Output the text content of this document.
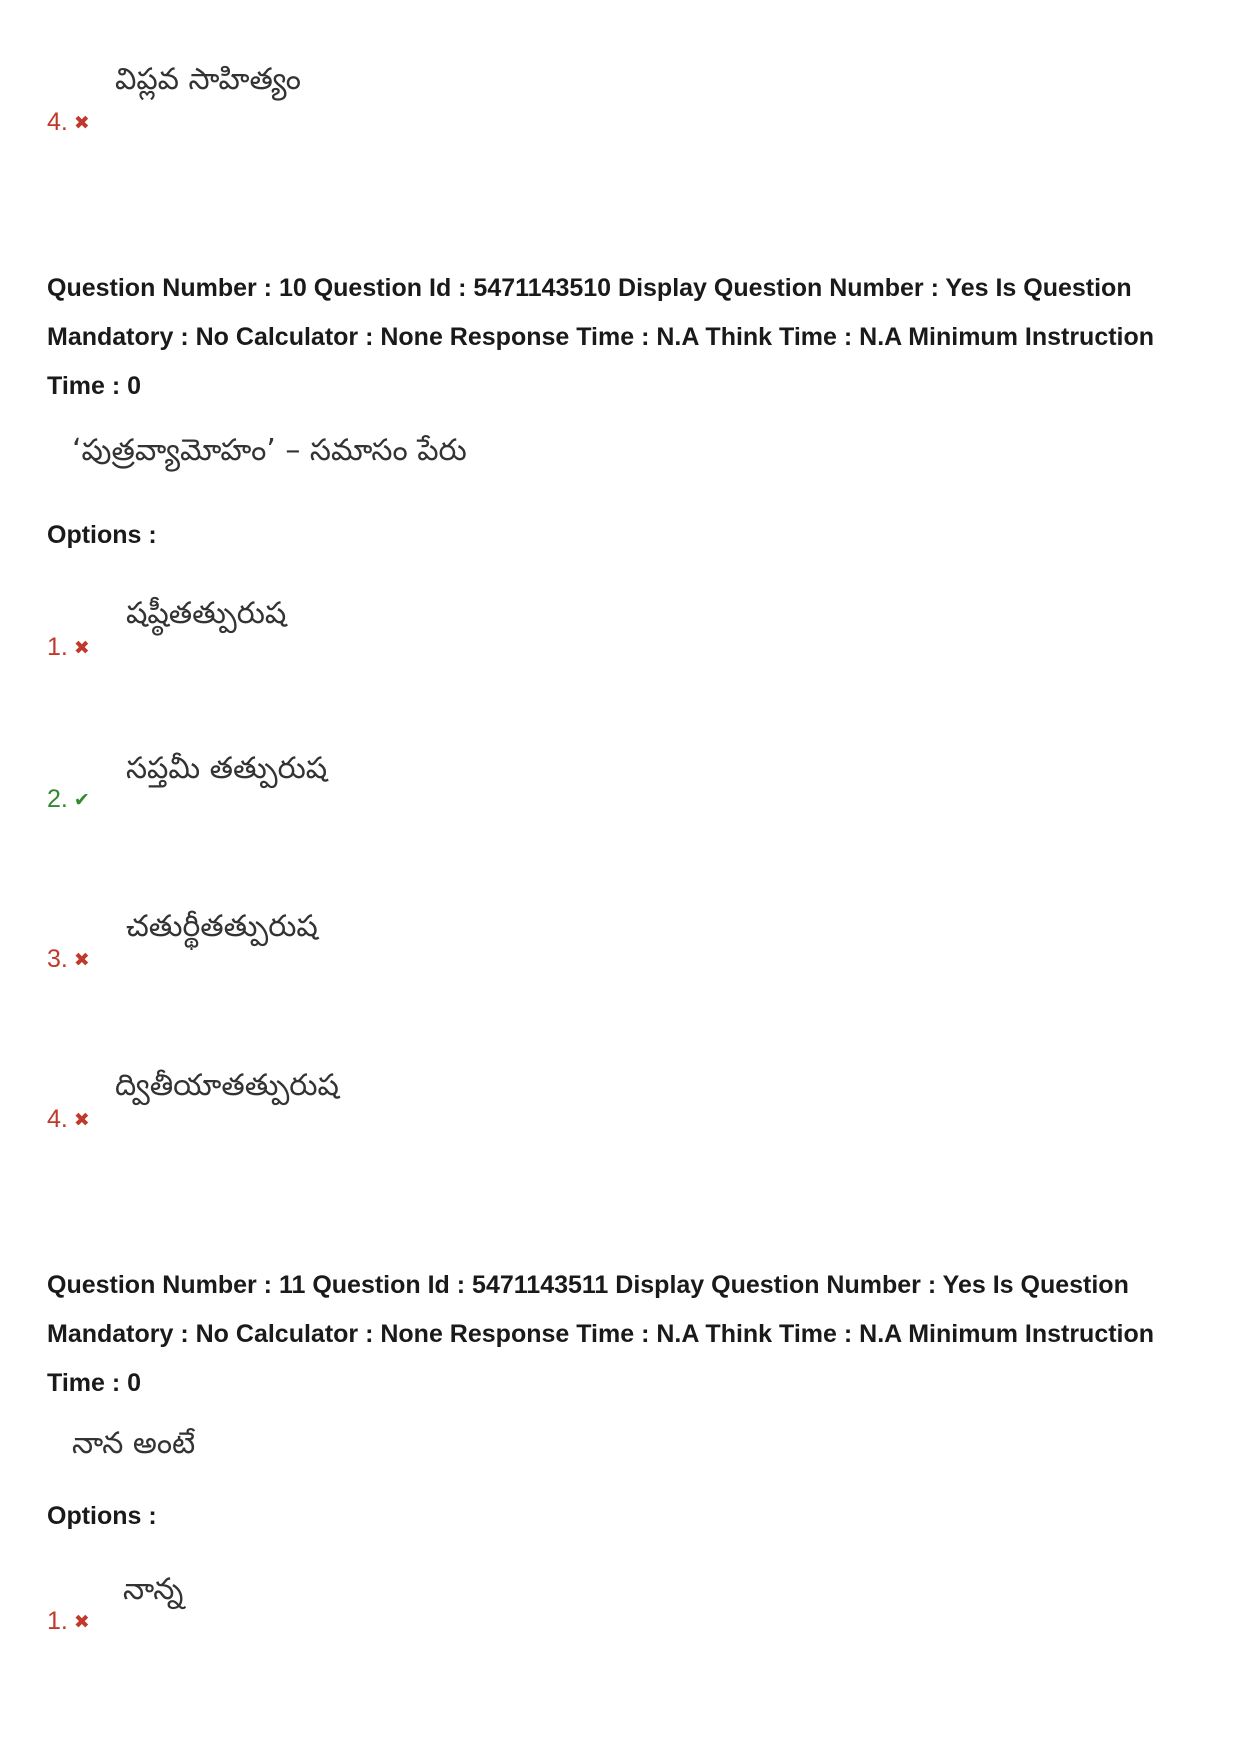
విప్లవ సాహిత్యం
4. ✖

Question Number : 10 Question Id : 5471143510 Display Question Number : Yes Is Question Mandatory : No Calculator : None Response Time : N.A Think Time : N.A Minimum Instruction Time : 0

‘పుత్రవ్యామోహం’ – సమాసం పేరు

Options :

షష్ఠీతత్పురుష
1. ✖
సప్తమీ తత్పురుష
2. ✔
చతుర్థీతత్పురుష
3. ✖
ద్వితీయాతత్పురుష
4. ✖

Question Number : 11 Question Id : 5471143511 Display Question Number : Yes Is Question Mandatory : No Calculator : None Response Time : N.A Think Time : N.A Minimum Instruction Time : 0

నాన అంటే

Options :

నాన్న
1. ✖
